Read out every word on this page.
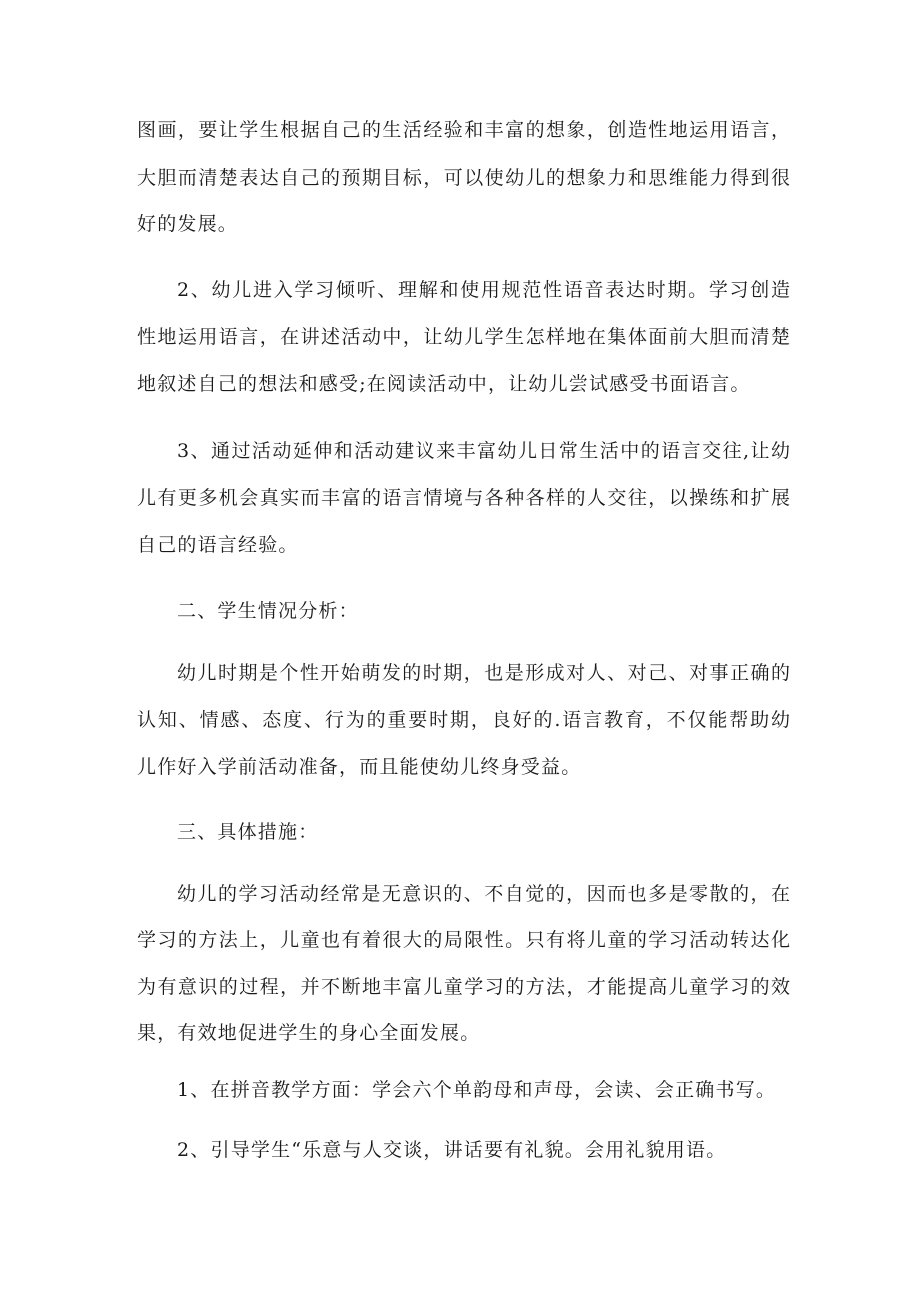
图画，要让学生根据自己的生活经验和丰富的想象，创造性地运用语言，

大胆而清楚表达自己的预期目标，可以使幼儿的想象力和思维能力得到很

好的发展。

2、幼儿进入学习倾听、理解和使用规范性语音表达时期。学习创造

性地运用语言，在讲述活动中，让幼儿学生怎样地在集体面前大胆而清楚

地叙述自己的想法和感受;在阅读活动中，让幼儿尝试感受书面语言。

3、通过活动延伸和活动建议来丰富幼儿日常生活中的语言交往,让幼

儿有更多机会真实而丰富的语言情境与各种各样的人交往，以操练和扩展

自己的语言经验。

二、学生情况分析：

幼儿时期是个性开始萌发的时期，也是形成对人、对己、对事正确的

认知、情感、态度、行为的重要时期，良好的.语言教育，不仅能帮助幼

儿作好入学前活动准备，而且能使幼儿终身受益。

三、具体措施：

幼儿的学习活动经常是无意识的、不自觉的，因而也多是零散的，在

学习的方法上，儿童也有着很大的局限性。只有将儿童的学习活动转达化

为有意识的过程，并不断地丰富儿童学习的方法，才能提高儿童学习的效

果，有效地促进学生的身心全面发展。

1、在拼音教学方面：学会六个单韵母和声母，会读、会正确书写。

2、引导学生“乐意与人交谈，讲话要有礼貌。会用礼貌用语。
